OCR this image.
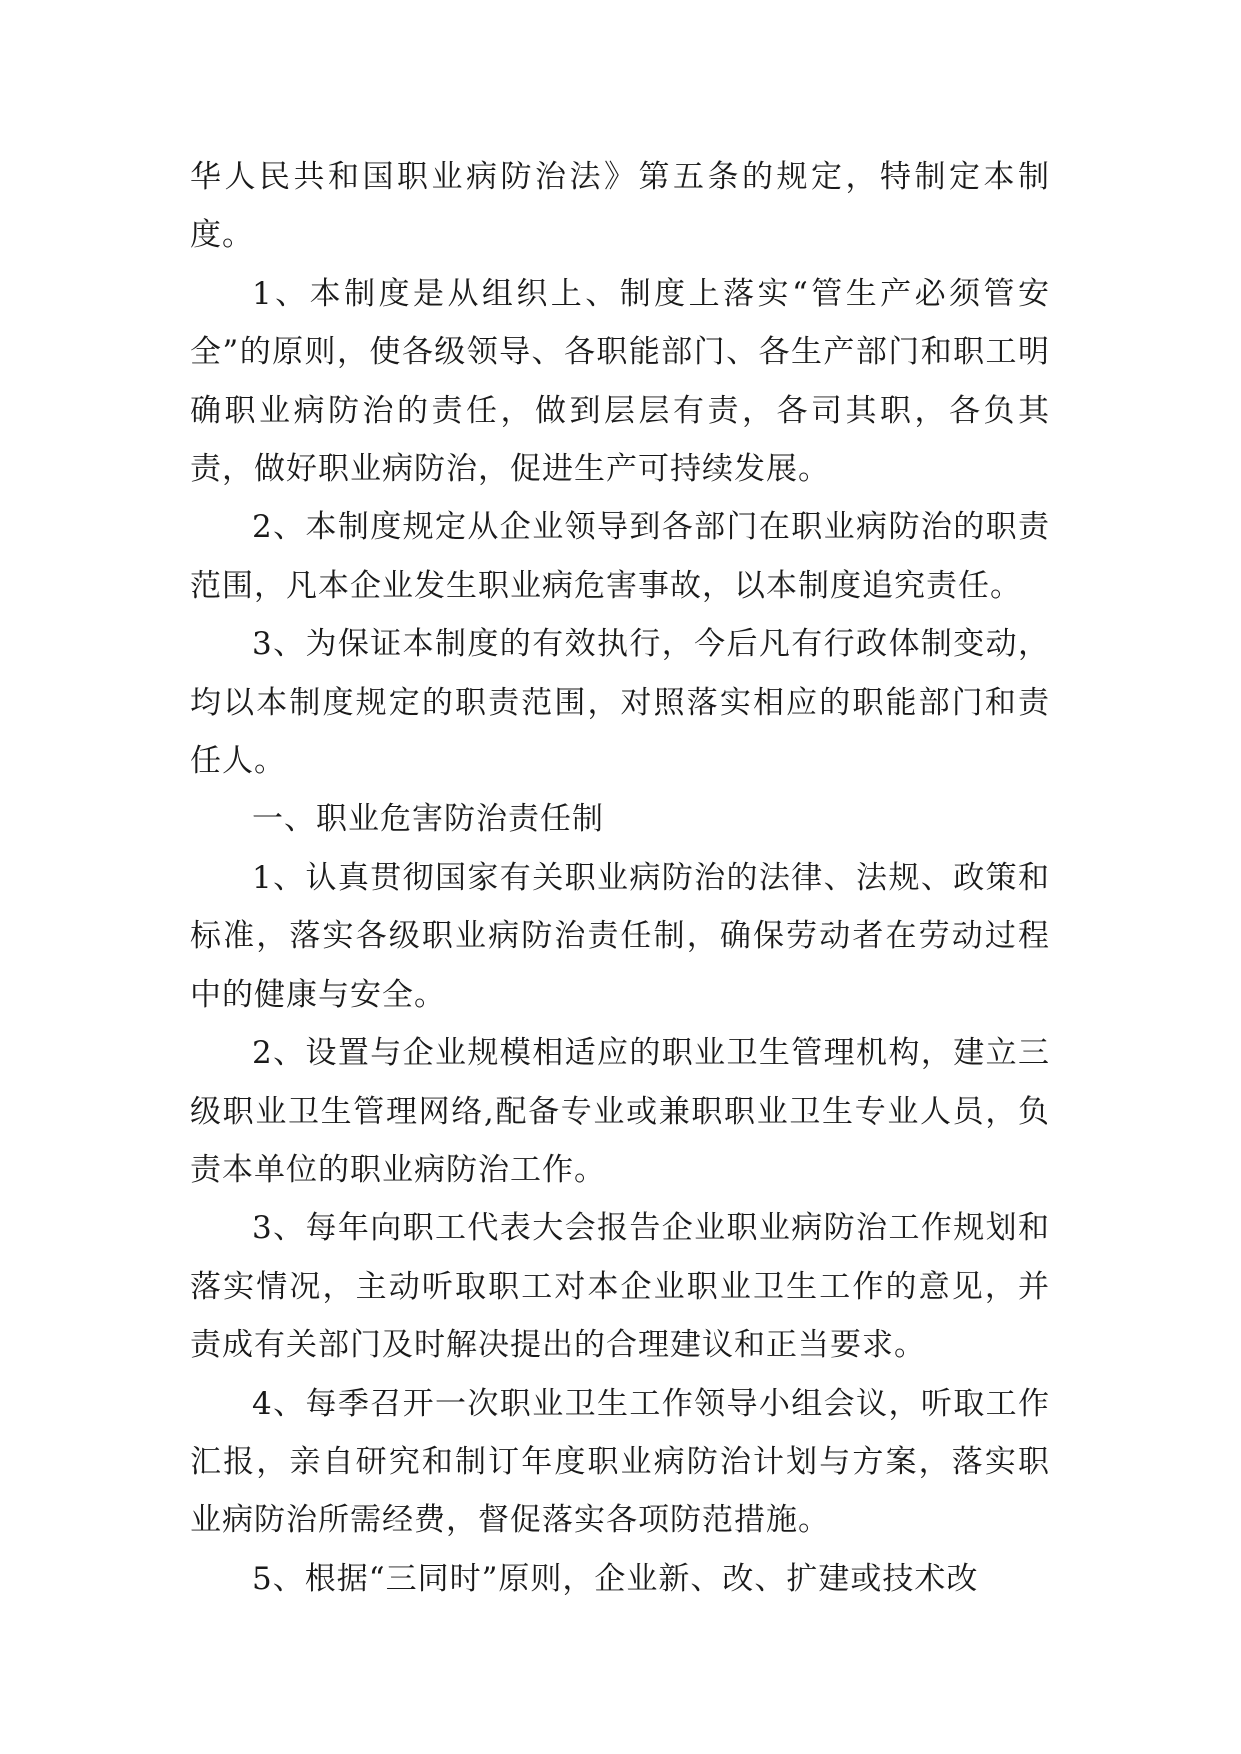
华人民共和国职业病防治法》第五条的规定，特制定本制度。

1、本制度是从组织上、制度上落实“管生产必须管安全”的原则，使各级领导、各职能部门、各生产部门和职工明确职业病防治的责任，做到层层有责，各司其职，各负其责，做好职业病防治，促进生产可持续发展。

2、本制度规定从企业领导到各部门在职业病防治的职责范围，凡本企业发生职业病危害事故，以本制度追究责任。

3、为保证本制度的有效执行，今后凡有行政体制变动，均以本制度规定的职责范围，对照落实相应的职能部门和责任人。

一、职业危害防治责任制

1、认真贯彻国家有关职业病防治的法律、法规、政策和标准，落实各级职业病防治责任制，确保劳动者在劳动过程中的健康与安全。

2、设置与企业规模相适应的职业卫生管理机构，建立三级职业卫生管理网络,配备专业或兼职职业卫生专业人员，负责本单位的职业病防治工作。

3、每年向职工代表大会报告企业职业病防治工作规划和落实情况，主动听取职工对本企业职业卫生工作的意见，并责成有关部门及时解决提出的合理建议和正当要求。

4、每季召开一次职业卫生工作领导小组会议，听取工作汇报，亲自研究和制订年度职业病防治计划与方案，落实职业病防治所需经费，督促落实各项防范措施。

5、根据“三同时”原则，企业新、改、扩建或技术改
